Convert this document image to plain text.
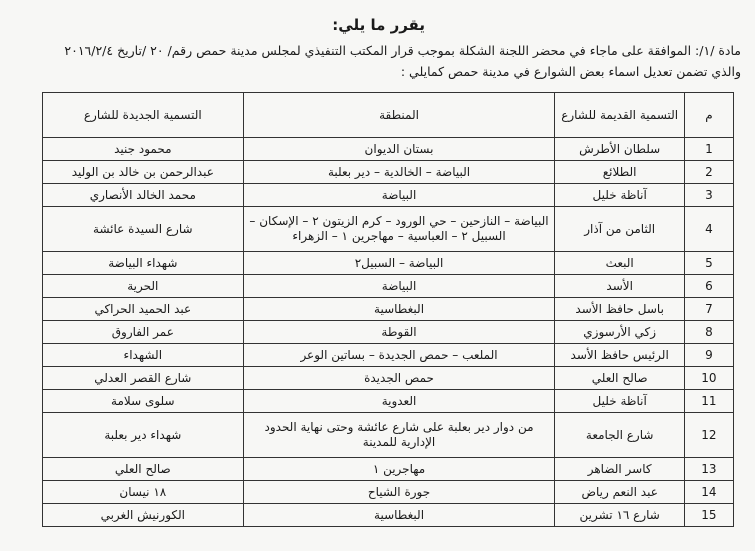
يقرر ما يلي:
مادة /١/: الموافقة على ماجاء في محضر اللجنة الشكلة بموجب قرار المكتب التنفيذي لمجلس مدينة حمص رقم/ ٢٠ /تاريخ ٢٠١٦/٢/٤ والذي تضمن تعديل اسماء بعض الشوارع في مدينة حمص كمايلي :
م	التسمية القديمة للشارع	المنطقة	التسمية الجديدة للشارع
1	سلطان الأطرش	بستان الديوان	محمود جنيد
2	الطلائع	البياضة – الخالدية – دير بعلبة	عبدالرحمن بن خالد بن الوليد
3	آناظة خليل	البياضة	محمد الخالد الأنصاري
4	الثامن من آذار	البياضة – النازحين – حي الورود – كرم الزيتون ٢ – الإسكان – السبيل ٢ – العباسية – مهاجرين ١ – الزهراء	شارع السيدة عائشة
5	البعث	البياضة – السبيل٢	شهداء البياضة
6	الأسد	البياضة	الحرية
7	باسل حافظ الأسد	البغطاسية	عبد الحميد الحراكي
8	زكي الأرسوزي	القوطة	عمر الفاروق
9	الرئيس حافظ الأسد	الملعب – حمص الجديدة – بساتين الوعر	الشهداء
10	صالح العلي	حمص الجديدة	شارع القصر العدلي
11	آناظة خليل	العدوية	سلوى سلامة
12	شارع الجامعة	من دوار دير بعلبة على شارع عائشة وحتى نهاية الحدود الإدارية للمدينة	شهداء دير بعلبة
13	كاسر الضاهر	مهاجرين ١	صالح العلي
14	عبد النعم رياض	جورة الشياح	١٨ نيسان
15	شارع ١٦ تشرين	البغطاسية	الكورنيش الغربي
